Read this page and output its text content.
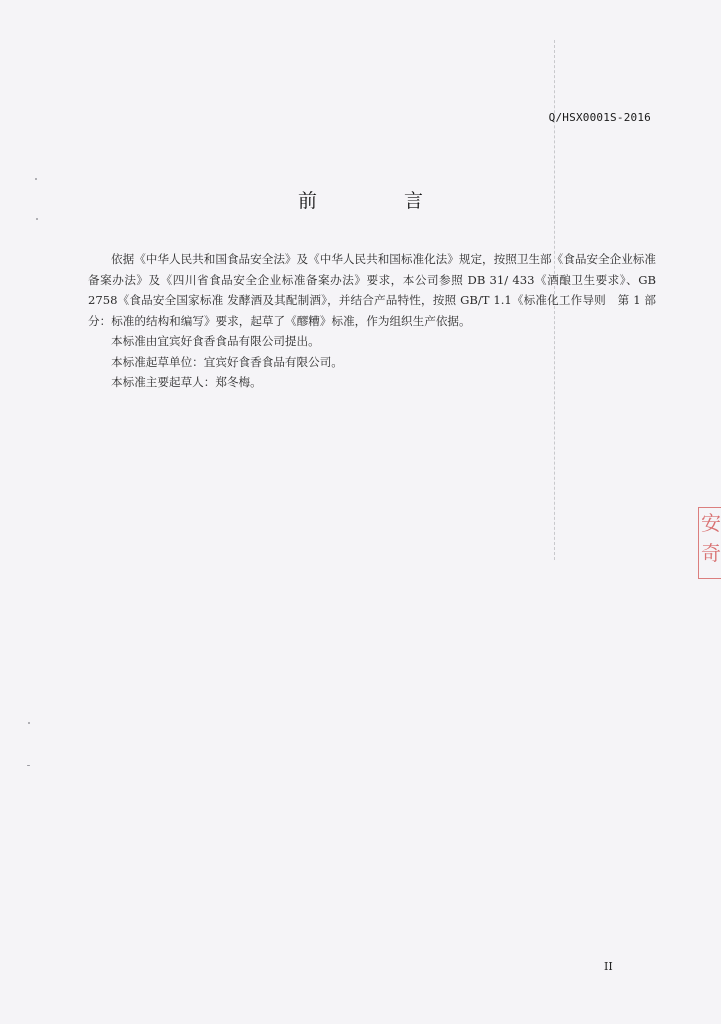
Q/HSX0001S-2016
前　言

依据《中华人民共和国食品安全法》及《中华人民共和国标准化法》规定，按照卫生部《食品安全企业标准备案办法》及《四川省食品安全企业标准备案办法》要求，本公司参照 DB 31/ 433《酒酿卫生要求》、GB 2758《食品安全国家标准 发酵酒及其配制酒》，并结合产品特性，按照 GB/T 1.1《标准化工作导则　第 1 部分：标准的结构和编写》要求，起草了《醪糟》标准，作为组织生产依据。

本标准由宜宾好食香食品有限公司提出。

本标准起草单位：宜宾好食香食品有限公司。

本标准主要起草人：郑冬梅。

安
奇
II
